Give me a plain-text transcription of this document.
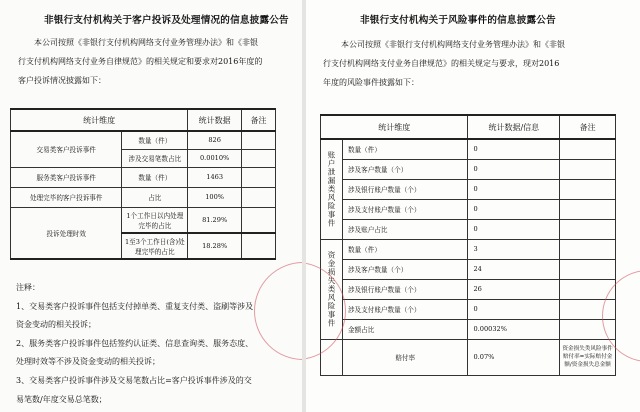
非银行支付机构关于客户投诉及处理情况的信息披露公告
本公司按照《非银行支付机构网络支付业务管理办法》和《非银
行支付机构网络支付业务自律规范》的相关规定和要求对2016年度的
客户投诉情况披露如下：
统计维度		统计数据	备注
交易类客户投诉事件	数量（件）	826	
	涉及交易笔数占比	0.0010%	
服务类客户投诉事件	数量（件）	1463	
处理完毕的客户投诉事件	占比	100%	
投诉处理时效	1个工作日以内处理完毕的占比	81.29%	
	1至3个工作日(含)处理完毕的占比	18.28%	
注释：
1、交易类客户投诉事件包括支付掉单类、重复支付类、盗刷等涉及
资金变动的相关投诉；
2、服务类客户投诉事件包括签约认证类、信息查询类、服务态度、
处理时效等不涉及资金变动的相关投诉；
3、交易类客户投诉事件涉及交易笔数占比=客户投诉事件涉及的交
易笔数/年度交易总笔数；
非银行支付机构关于风险事件的信息披露公告
本公司按照《非银行支付机构网络支付业务管理办法》和《非银
行支付机构网络支付业务自律规范》的相关规定与要求，现对2016
年度的风险事件披露如下：
统计维度		统计数据/信息	备注
账户泄漏类风险事件	数量（件）	0	
	涉及客户数量（个）	0	
	涉及银行账户数量（个）	0	
	涉及支付账户数量（个）	0	
	涉及账户占比	0	
资金损失类风险事件	数量（件）	3	
	涉及客户数量（个）	24	
	涉及银行账户数量（个）	26	
	涉及支付账户数量（个）	0	
	金额占比	0.00032%	
	赔付率	0.07%	资金损失类风险事件赔付率=实际赔付金额/资金损失总金额
